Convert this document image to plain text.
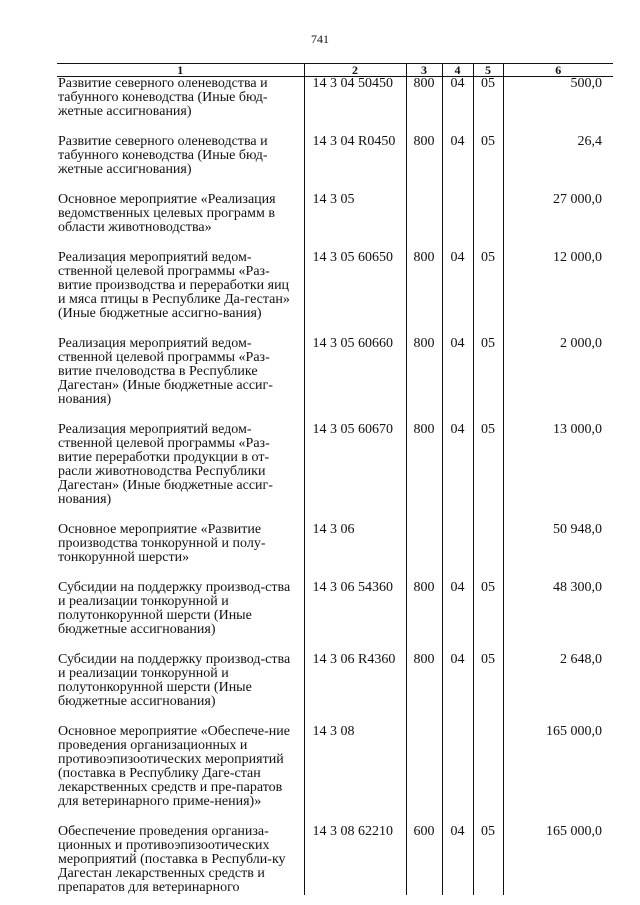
741
1	2	3	4	5	6
Развитие северного оленеводства и табунного коневодства (Иные бюд-жетные ассигнования)	14 3 04 50450	800	04	05	500,0
Развитие северного оленеводства и табунного коневодства (Иные бюд-жетные ассигнования)	14 3 04 R0450	800	04	05	26,4
Основное мероприятие «Реализация ведомственных целевых программ в области животноводства»	14 3 05				27 000,0
Реализация мероприятий ведом-ственной целевой программы «Раз-витие производства и переработки яиц и мяса птицы в Республике Да-гестан» (Иные бюджетные ассигно-вания)	14 3 05 60650	800	04	05	12 000,0
Реализация мероприятий ведом-ственной целевой программы «Раз-витие пчеловодства в Республике Дагестан» (Иные бюджетные ассиг-нования)	14 3 05 60660	800	04	05	2 000,0
Реализация мероприятий ведом-ственной целевой программы «Раз-витие переработки продукции в от-расли животноводства Республики Дагестан» (Иные бюджетные ассиг-нования)	14 3 05 60670	800	04	05	13 000,0
Основное мероприятие «Развитие производства тонкорунной и полу-тонкорунной шерсти»	14 3 06				50 948,0
Субсидии на поддержку производ-ства и реализации тонкорунной и полутонкорунной шерсти (Иные бюджетные ассигнования)	14 3 06 54360	800	04	05	48 300,0
Субсидии на поддержку производ-ства и реализации тонкорунной и полутонкорунной шерсти (Иные бюджетные ассигнования)	14 3 06 R4360	800	04	05	2 648,0
Основное мероприятие «Обеспече-ние проведения организационных и противоэпизоотических мероприятий (поставка в Республику Даге-стан лекарственных средств и пре-паратов для ветеринарного приме-нения)»	14 3 08				165 000,0
Обеспечение проведения организа-ционных и противоэпизоотических мероприятий (поставка в Республи-ку Дагестан лекарственных средств и препаратов для ветеринарного	14 3 08 62210	600	04	05	165 000,0
